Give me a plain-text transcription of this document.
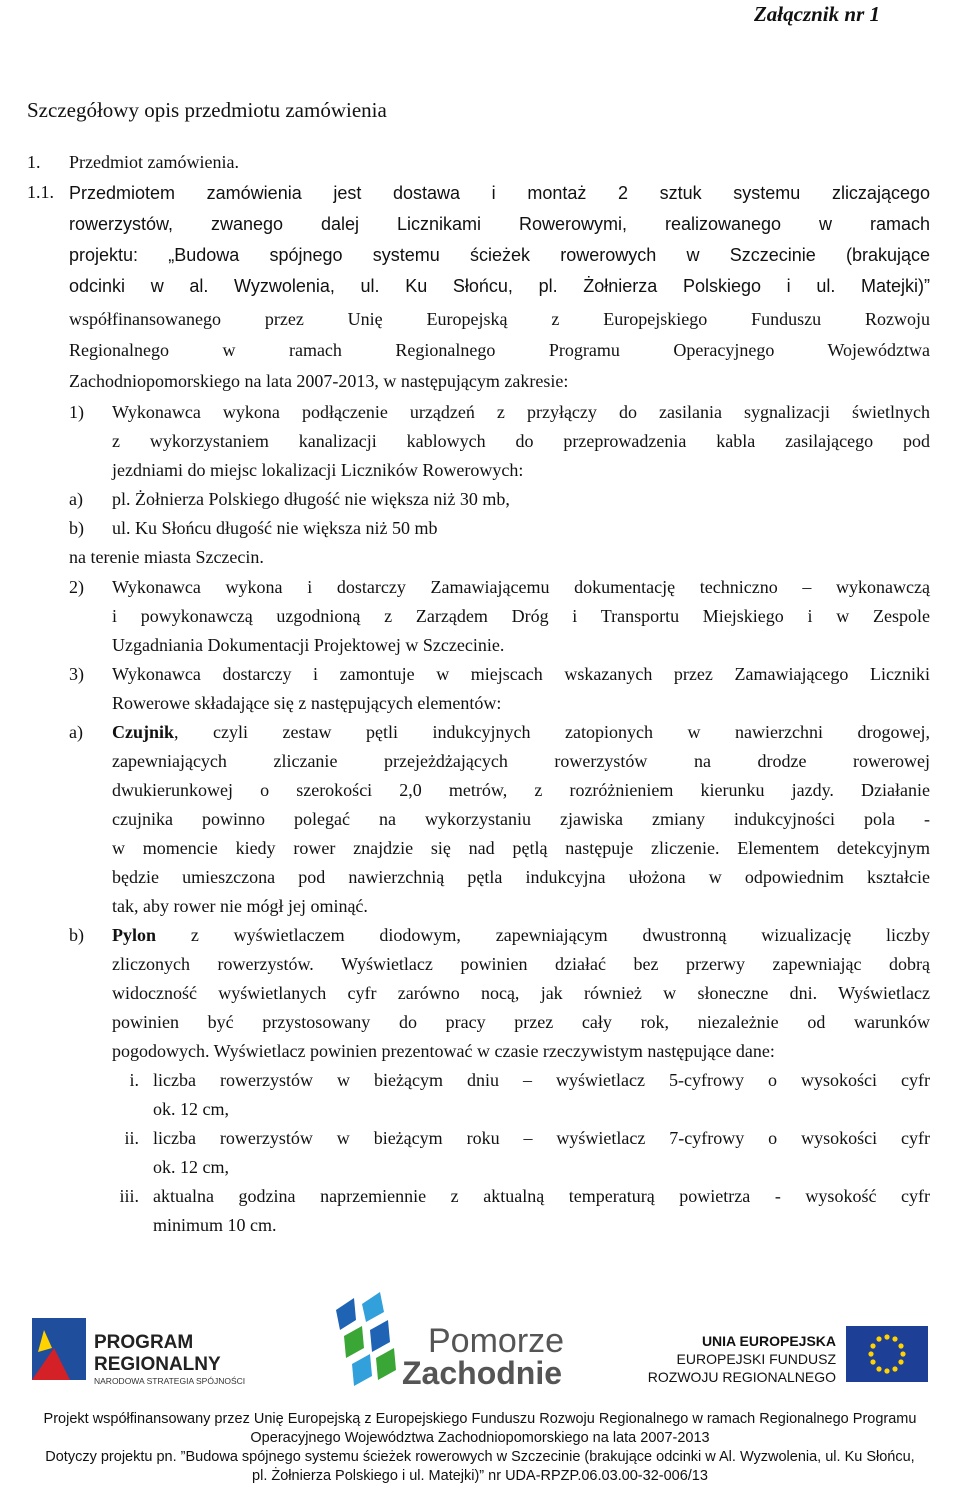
Załącznik nr 1
Szczegółowy opis przedmiotu zamówienia
1. Przedmiot zamówienia.
1.1. Przedmiotem zamówienia jest dostawa i montaż 2 sztuk systemu zliczającego
rowerzystów, zwanego dalej Licznikami Rowerowymi, realizowanego w ramach
projektu: „Budowa spójnego systemu ścieżek rowerowych w Szczecinie (brakujące
odcinki w al. Wyzwolenia, ul. Ku Słońcu, pl. Żołnierza Polskiego i ul. Matejki)”
współfinansowanego przez Unię Europejską z Europejskiego Funduszu Rozwoju
Regionalnego w ramach Regionalnego Programu Operacyjnego Województwa
Zachodniopomorskiego na lata 2007-2013, w następującym zakresie:
1) Wykonawca wykona podłączenie urządzeń z przyłączy do zasilania sygnalizacji świetlnych
z wykorzystaniem kanalizacji kablowych do przeprowadzenia kabla zasilającego pod
jezdniami do miejsc lokalizacji Liczników Rowerowych:
a) pl. Żołnierza Polskiego długość nie większa niż 30 mb,
b) ul. Ku Słońcu długość nie większa niż 50 mb
na terenie miasta Szczecin.
2) Wykonawca wykona i dostarczy Zamawiającemu dokumentację techniczno – wykonawczą
i powykonawczą uzgodnioną z Zarządem Dróg i Transportu Miejskiego i w Zespole
Uzgadniania Dokumentacji Projektowej w Szczecinie.
3) Wykonawca dostarczy i zamontuje w miejscach wskazanych przez Zamawiającego Liczniki
Rowerowe składające się z następujących elementów:
a) Czujnik, czyli zestaw pętli indukcyjnych zatopionych w nawierzchni drogowej,
zapewniających zliczanie przejeżdżających rowerzystów na drodze rowerowej
dwukierunkowej o szerokości 2,0 metrów, z rozróżnieniem kierunku jazdy. Działanie
czujnika powinno polegać na wykorzystaniu zjawiska zmiany indukcyjności pola -
w momencie kiedy rower znajdzie się nad pętlą następuje zliczenie. Elementem detekcyjnym
będzie umieszczona pod nawierzchnią pętla indukcyjna ułożona w odpowiednim kształcie
tak, aby rower nie mógł jej ominąć.
b) Pylon z wyświetlaczem diodowym, zapewniającym dwustronną wizualizację liczby
zliczonych rowerzystów. Wyświetlacz powinien działać bez przerwy zapewniając dobrą
widoczność wyświetlanych cyfr zarówno nocą, jak również w słoneczne dni. Wyświetlacz
powinien być przystosowany do pracy przez cały rok, niezależnie od warunków
pogodowych. Wyświetlacz powinien prezentować w czasie rzeczywistym następujące dane:
i. liczba rowerzystów w bieżącym dniu – wyświetlacz 5-cyfrowy o wysokości cyfr
ok. 12 cm,
ii. liczba rowerzystów w bieżącym roku – wyświetlacz 7-cyfrowy o wysokości cyfr
ok. 12 cm,
iii. aktualna godzina naprzemiennie z aktualną temperaturą powietrza - wysokość cyfr
minimum 10 cm.
PROGRAM
REGIONALNY
NARODOWA STRATEGIA SPÓJNOŚCI
Pomorze
Zachodnie
UNIA EUROPEJSKA
EUROPEJSKI FUNDUSZ
ROZWOJU REGIONALNEGO
Projekt współfinansowany przez Unię Europejską z Europejskiego Funduszu Rozwoju Regionalnego w ramach Regionalnego Programu
Operacyjnego Województwa Zachodniopomorskiego na lata 2007-2013
Dotyczy projektu pn. ”Budowa spójnego systemu ścieżek rowerowych w Szczecinie (brakujące odcinki w Al. Wyzwolenia, ul. Ku Słońcu,
pl. Żołnierza Polskiego i ul. Matejki)” nr UDA-RPZP.06.03.00-32-006/13
